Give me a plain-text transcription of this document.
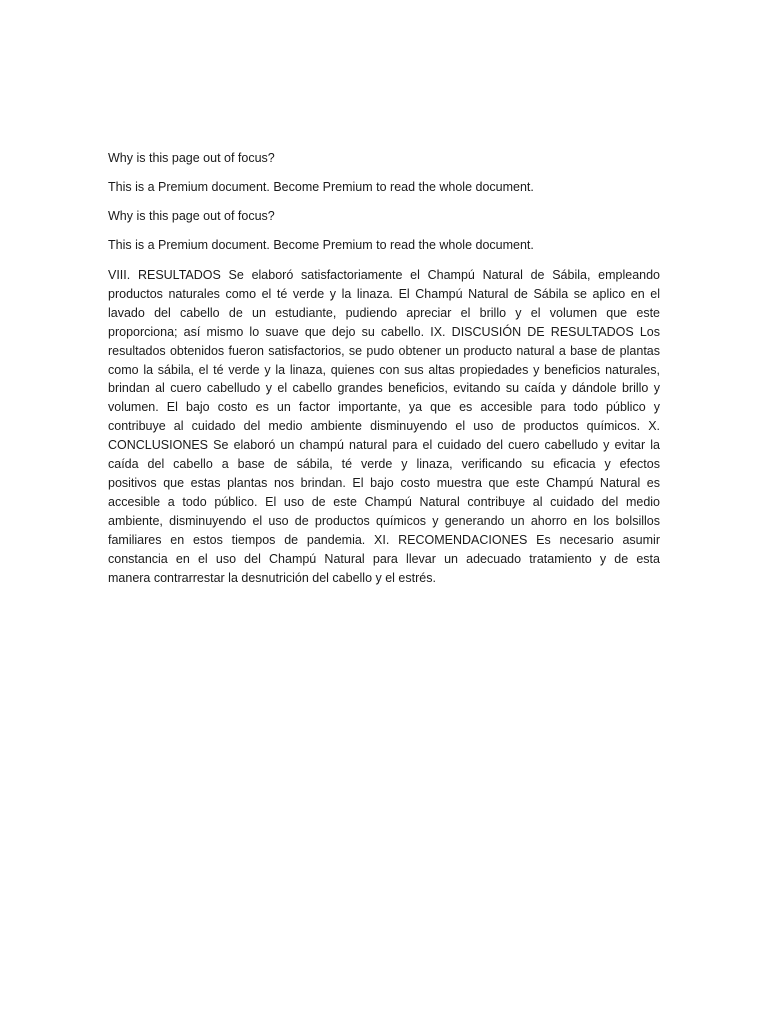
Why is this page out of focus?

This is a Premium document. Become Premium to read the whole document.

Why is this page out of focus?

This is a Premium document. Become Premium to read the whole document.

VIII. RESULTADOS Se elaboró satisfactoriamente el Champú Natural de Sábila, empleando
productos naturales como el té verde y la linaza. El Champú Natural de Sábila se aplico en el
lavado del cabello de un estudiante, pudiendo apreciar el brillo y el volumen que este
proporciona; así mismo lo suave que dejo su cabello. IX. DISCUSIÓN DE RESULTADOS Los
resultados obtenidos fueron satisfactorios, se pudo obtener un producto natural a base de plantas
como la sábila, el té verde y la linaza, quienes con sus altas propiedades y beneficios naturales,
brindan al cuero cabelludo y el cabello grandes beneficios, evitando su caída y dándole brillo y
volumen. El bajo costo es un factor importante, ya que es accesible para todo público y
contribuye al cuidado del medio ambiente disminuyendo el uso de productos químicos. X.
CONCLUSIONES Se elaboró un champú natural para el cuidado del cuero cabelludo y evitar la
caída del cabello a base de sábila, té verde y linaza, verificando su eficacia y efectos
positivos que estas plantas nos brindan. El bajo costo muestra que este Champú Natural es
accesible a todo público. El uso de este Champú Natural contribuye al cuidado del medio
ambiente, disminuyendo el uso de productos químicos y generando un ahorro en los bolsillos
familiares en estos tiempos de pandemia. XI. RECOMENDACIONES Es necesario asumir
constancia en el uso del Champú Natural para llevar un adecuado tratamiento y de esta
manera contrarrestar la desnutrición del cabello y el estrés.
